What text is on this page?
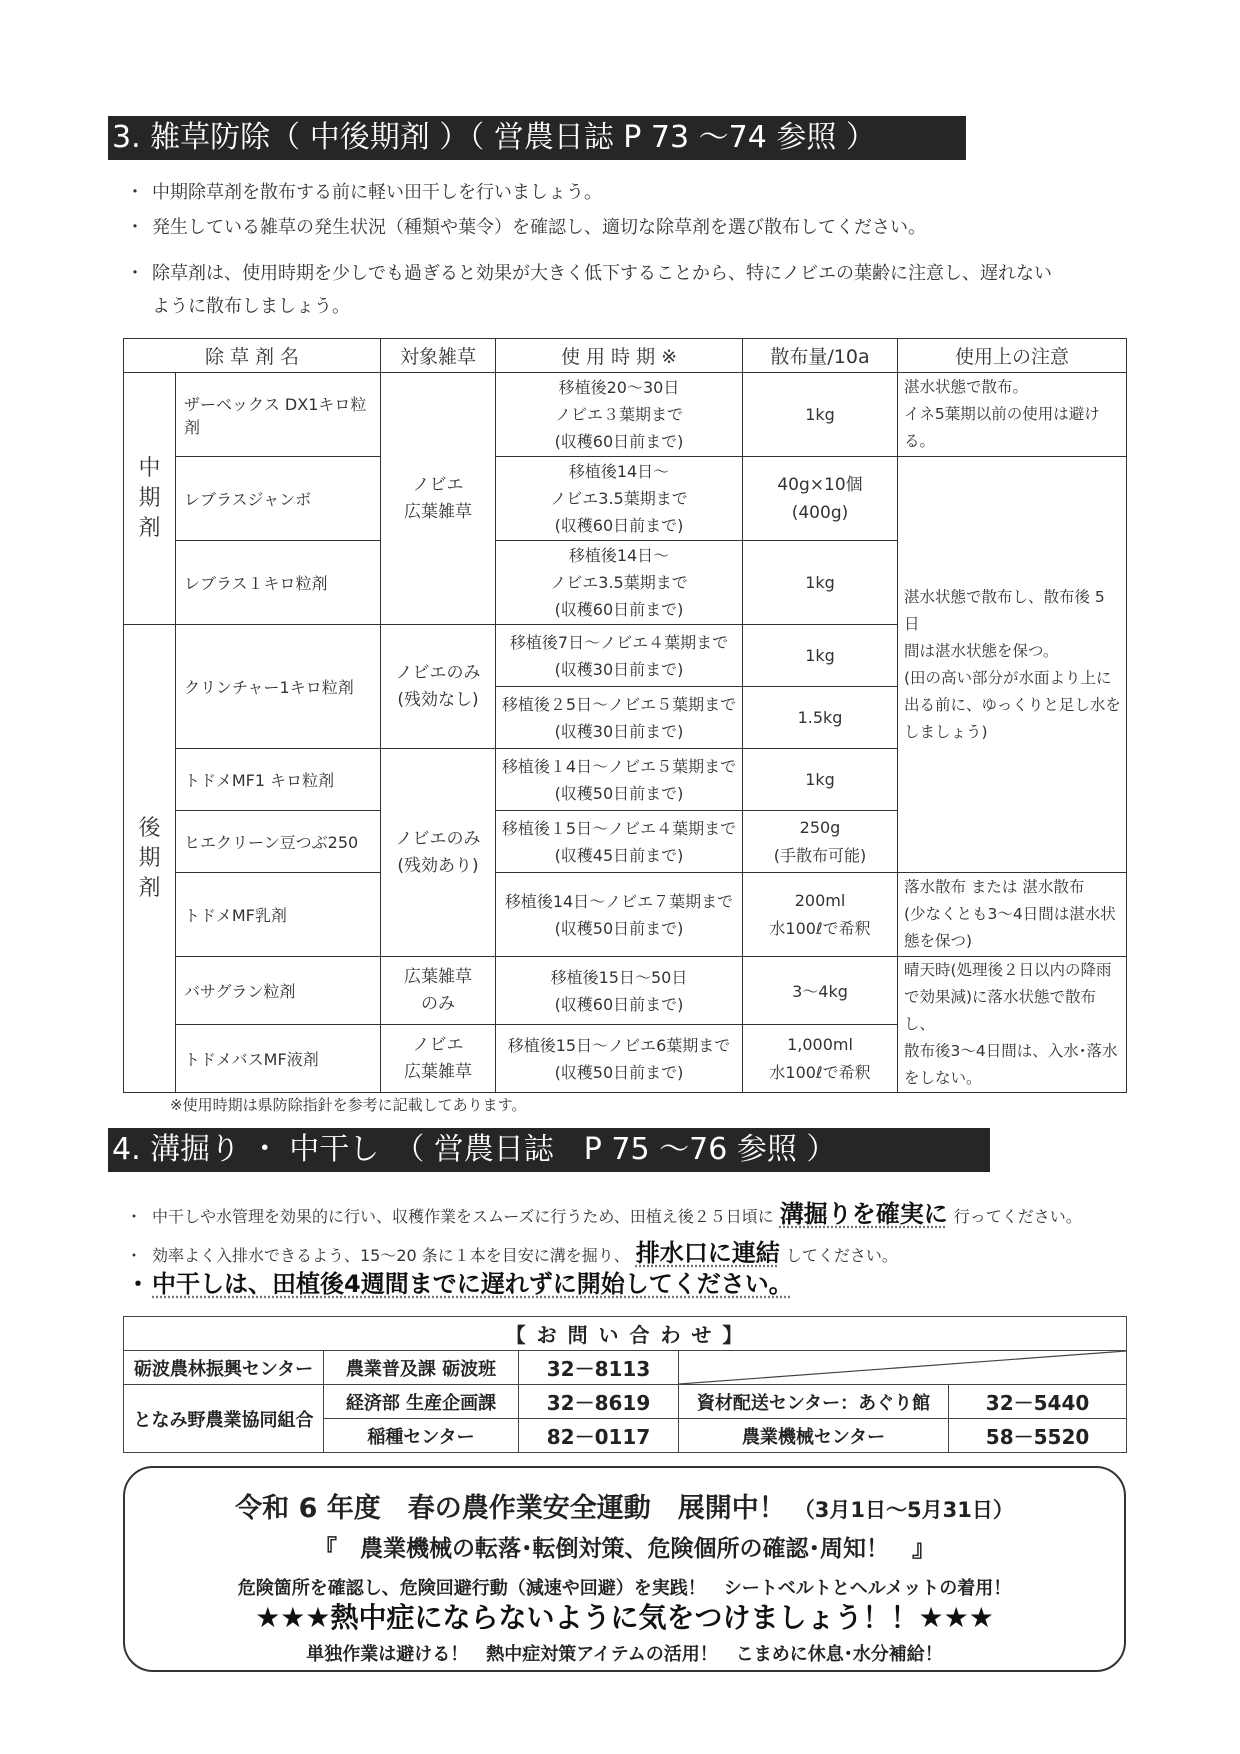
3. 雑草防除（ 中後期剤 ）（ 営農日誌 P 73 ～74 参照 ）
・ 中期除草剤を散布する前に軽い田干しを行いましょう。
・ 発生している雑草の発生状況（種類や葉令）を確認し、適切な除草剤を選び散布してください。
・ 除草剤は、使用時期を少しでも過ぎると効果が大きく低下することから、特にノビエの葉齢に注意し、遅れない
ように散布しましょう。
除 草 剤 名		対象雑草	使 用 時 期 ※	散布量/10a	使用上の注意

中期剤	ザーベックス DX1キロ粒剤	ノビエ
広葉雑草	移植後20～30日
ノビエ３葉期まで
(収穫60日前まで)	1kg	湛水状態で散布。
イネ5葉期以前の使用は避ける。
	レブラスジャンボ		移植後14日～
ノビエ3.5葉期まで
(収穫60日前まで)	40g×10個
(400g)	湛水状態で散布し、散布後 5 日
間は湛水状態を保つ。
(田の高い部分が水面より上に
出る前に、ゆっくりと足し水を
しましょう)
	レブラス１キロ粒剤		移植後14日～
ノビエ3.5葉期まで
(収穫60日前まで)	1kg	

後期剤	クリンチャー1キロ粒剤	ノビエのみ
(残効なし)	移植後7日～ノビエ４葉期まで
(収穫30日前まで)	1kg	
			移植後２5日～ノビエ５葉期まで
(収穫30日前まで)	1.5kg	
	トドメMF1 キロ粒剤	ノビエのみ
(残効あり)	移植後１4日～ノビエ５葉期まで
(収穫50日前まで)	1kg	
	ヒエクリーン豆つぶ250		移植後１5日～ノビエ４葉期まで
(収穫45日前まで)	250g
(手散布可能)	
	トドメMF乳剤		移植後14日～ノビエ７葉期まで
(収穫50日前まで)	200ml
水100ℓで希釈	落水散布 または 湛水散布
(少なくとも3～4日間は湛水状
態を保つ)
	バサグラン粒剤	広葉雑草
のみ	移植後15日～50日
(収穫60日前まで)	3～4kg	晴天時(処理後２日以内の降雨
で効果減)に落水状態で散布し、
散布後3～4日間は、入水･落水
をしない。
	トドメバスMF液剤	ノビエ
広葉雑草	移植後15日～ノビエ6葉期まで
(収穫50日前まで)	1,000ml
水100ℓで希釈	
※使用時期は県防除指針を参考に記載してあります。
4. 溝掘り ・ 中干し　（ 営農日誌　P 75 ～76 参照 ）
・ 中干しや水管理を効果的に行い、収穫作業をスムーズに行うため、田植え後２５日頃に 溝掘りを確実に 行ってください。
・ 効率よく入排水できるよう、15～20 条に１本を目安に溝を掘り、 排水口に連結 してください。
・中干しは、田植後4週間までに遅れずに開始してください。
【 お 問 い 合 わ せ 】				
砺波農林振興センター	農業普及課 砺波班	32－8113	

となみ野農業協同組合	経済部 生産企画課	32－8619	資材配送センター：あぐり館	32－5440
	稲種センター	82－0117	農業機械センター	58－5520
令和 6 年度　春の農作業安全運動　展開中！ （3月1日～5月31日）
『　農業機械の転落･転倒対策、危険個所の確認･周知！　』
危険箇所を確認し、危険回避行動（減速や回避）を実践！　シートベルトとヘルメットの着用！
★★★熱中症にならないように気をつけましょう！！★★★
単独作業は避ける！　熱中症対策アイテムの活用！　こまめに休息･水分補給！
